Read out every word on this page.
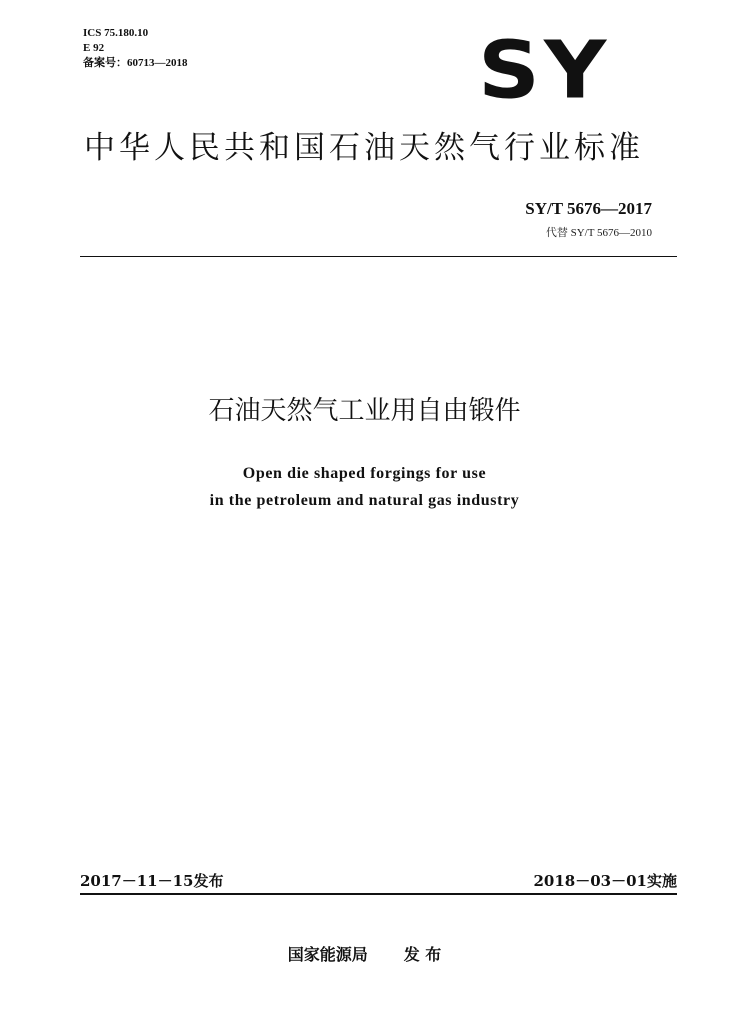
ICS 75.180.10
E 92
备案号：60713—2018	SY
中华人民共和国石油天然气行业标准
SY/T 5676—2017
代替 SY/T 5676—2010
石油天然气工业用自由锻件
Open die shaped forgings for use
in the petroleum and natural gas industry
2017－11－15发布	2018－03－01实施
国家能源局 发 布
